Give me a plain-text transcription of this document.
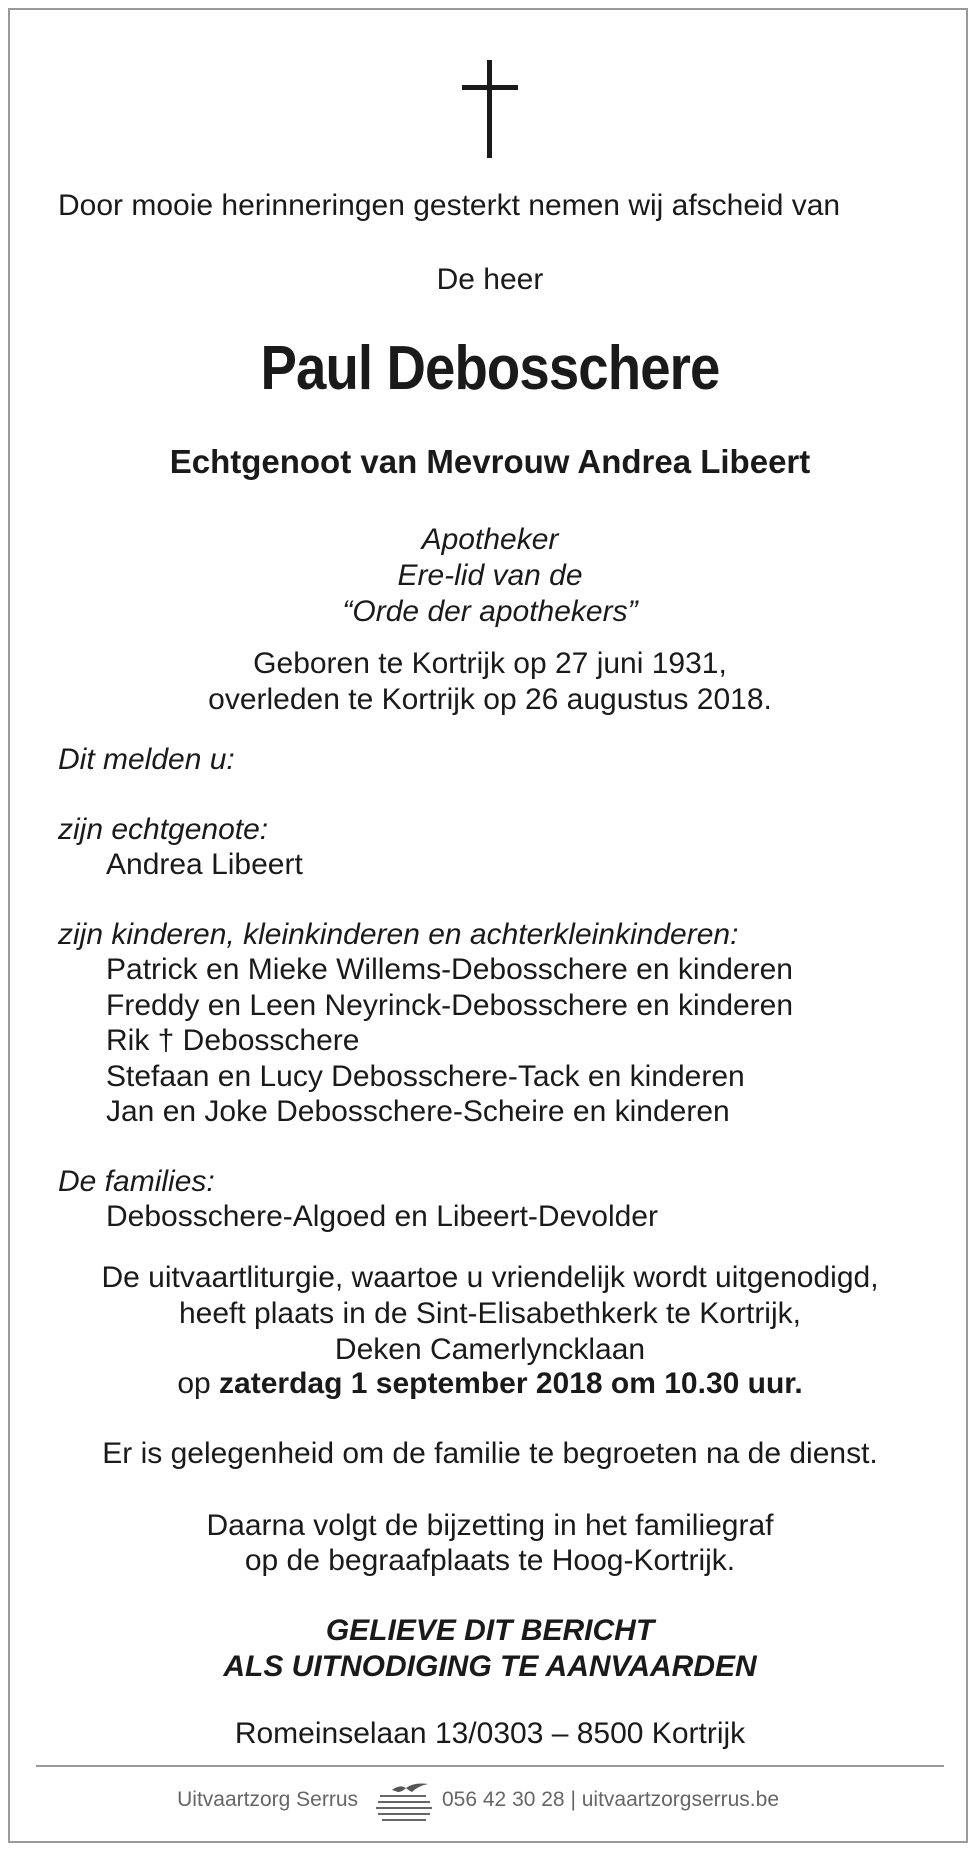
Door mooie herinneringen gesterkt nemen wij afscheid van
De heer
Paul Debosschere
Echtgenoot van Mevrouw Andrea Libeert
Apotheker
Ere-lid van de
“Orde der apothekers”
Geboren te Kortrijk op 27 juni 1931,
overleden te Kortrijk op 26 augustus 2018.
Dit melden u:
zijn echtgenote:
Andrea Libeert
zijn kinderen, kleinkinderen en achterkleinkinderen:
Patrick en Mieke Willems-Debosschere en kinderen
Freddy en Leen Neyrinck-Debosschere en kinderen
Rik † Debosschere
Stefaan en Lucy Debosschere-Tack en kinderen
Jan en Joke Debosschere-Scheire en kinderen
De families:
Debosschere-Algoed en Libeert-Devolder
De uitvaartliturgie, waartoe u vriendelijk wordt uitgenodigd,
heeft plaats in de Sint-Elisabethkerk te Kortrijk,
Deken Camerlyncklaan
op zaterdag 1 september 2018 om 10.30 uur.
Er is gelegenheid om de familie te begroeten na de dienst.
Daarna volgt de bijzetting in het familiegraf
op de begraafplaats te Hoog-Kortrijk.
GELIEVE DIT BERICHT
ALS UITNODIGING TE AANVAARDEN
Romeinselaan 13/0303 – 8500 Kortrijk
Uitvaartzorg Serrus	056 42 30 28 | uitvaartzorgserrus.be
